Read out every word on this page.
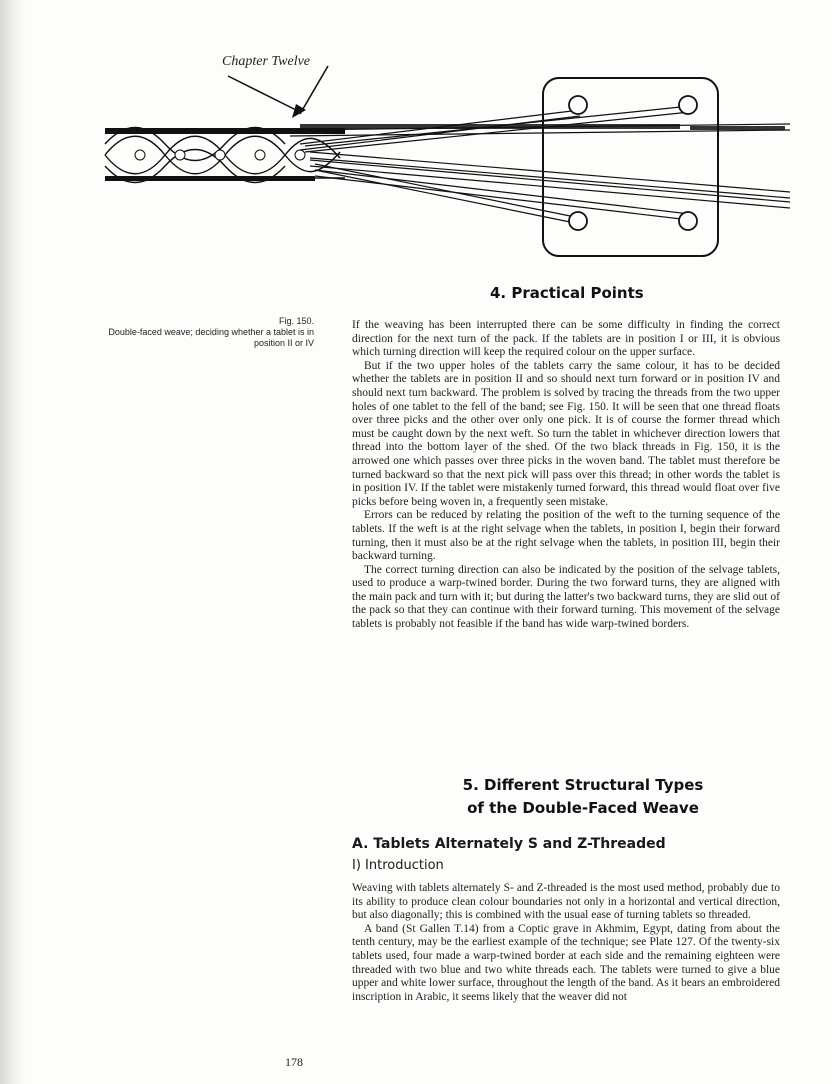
Chapter Twelve
Fig. 150.
Double-faced weave; deciding whether a tablet is in position II or IV
4. Practical Points

If the weaving has been interrupted there can be some difficulty in finding the correct direction for the next turn of the pack. If the tablets are in position I or III, it is obvious which turning direction will keep the required colour on the upper surface.

But if the two upper holes of the tablets carry the same colour, it has to be decided whether the tablets are in position II and so should next turn forward or in position IV and should next turn backward. The problem is solved by tracing the threads from the two upper holes of one tablet to the fell of the band; see Fig. 150. It will be seen that one thread floats over three picks and the other over only one pick. It is of course the former thread which must be caught down by the next weft. So turn the tablet in whichever direction lowers that thread into the bottom layer of the shed. Of the two black threads in Fig. 150, it is the arrowed one which passes over three picks in the woven band. The tablet must therefore be turned backward so that the next pick will pass over this thread; in other words the tablet is in position IV. If the tablet were mistakenly turned forward, this thread would float over five picks before being woven in, a frequently seen mistake.

Errors can be reduced by relating the position of the weft to the turning sequence of the tablets. If the weft is at the right selvage when the tablets, in position I, begin their forward turning, then it must also be at the right selvage when the tablets, in position III, begin their backward turning.

The correct turning direction can also be indicated by the position of the selvage tablets, used to produce a warp-twined border. During the two forward turns, they are aligned with the main pack and turn with it; but during the latter's two backward turns, they are slid out of the pack so that they can continue with their forward turning. This movement of the selvage tablets is probably not feasible if the band has wide warp-twined borders.

5. Different Structural Types
of the Double-Faced Weave
A. Tablets Alternately S and Z-Threaded
I) Introduction

Weaving with tablets alternately S- and Z-threaded is the most used method, probably due to its ability to produce clean colour boundaries not only in a horizontal and vertical direction, but also diagonally; this is combined with the usual ease of turning tablets so threaded.

A band (St Gallen T.14) from a Coptic grave in Akhmim, Egypt, dating from about the tenth century, may be the earliest example of the technique; see Plate 127. Of the twenty-six tablets used, four made a warp-twined border at each side and the remaining eighteen were threaded with two blue and two white threads each. The tablets were turned to give a blue upper and white lower surface, throughout the length of the band. As it bears an embroidered inscription in Arabic, it seems likely that the weaver did not

178
